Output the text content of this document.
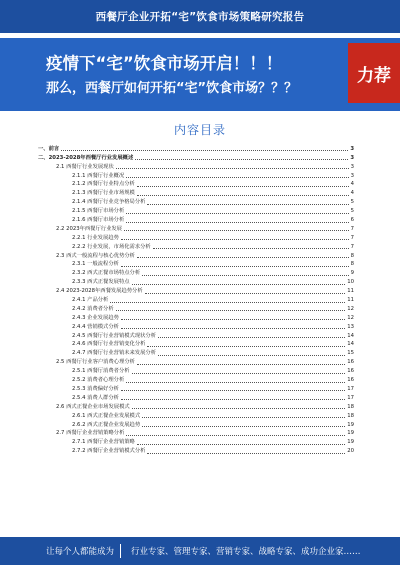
西餐厅企业开拓“宅”饮食市场策略研究报告
疫情下“宅”饮食市场开启！！！
那么，西餐厅如何开拓“宅”饮食市场？？？
力荐
内容目录
一、前言	3
二、2023-2028年西餐厅行业发展概述	3
2.1 西餐厅行业发展现状	3
2.1.1 西餐厅行业概况	3
2.1.2 西餐厅行业特点分析	4
2.1.3 西餐厅行业市场规模	4
2.1.4 西餐厅行业竞争格局分析	5
2.1.5 西餐厅市场分析	5
2.1.6 西餐厅市场分析	6
2.2 2023年西餐厅行业发展	7
2.2.1 行业发展趋势	7
2.2.2 行业发展，市场化需求分析	7
2.3 西式一般流程与核心优势分析	8
2.3.1 一般流程分析	8
2.3.2 西式正餐市场特点分析	9
2.3.3 西式正餐发展特点	10
2.4 2023-2028年西餐发展趋势分析	11
2.4.1 产品分析	11
2.4.2 消费者分析	12
2.4.3 企业发展趋势	12
2.4.4 营销模式分析	13
2.4.5 西餐厅行业营销模式现状分析	14
2.4.6 西餐厅行业营销变化分析	14
2.4.7 西餐厅行业营销未来发展分析	15
2.5 西餐厅行业客户消费心理分析	16
2.5.1 西餐厅消费者分析	16
2.5.2 消费者心理分析	16
2.5.3 消费偏好分析	17
2.5.4 消费人群分析	17
2.6 西式正餐企业市场发展模式	18
2.6.1 西式正餐企业发展模式	18
2.6.2 西式正餐企业发展趋势	19
2.7 西餐厅企业营销策略分析	19
2.7.1 西餐厅企业营销策略	19
2.7.2 西餐厅企业营销模式分析	20
让每个人都能成为 行业专家、管理专家、营销专家、战略专家、成功企业家……
